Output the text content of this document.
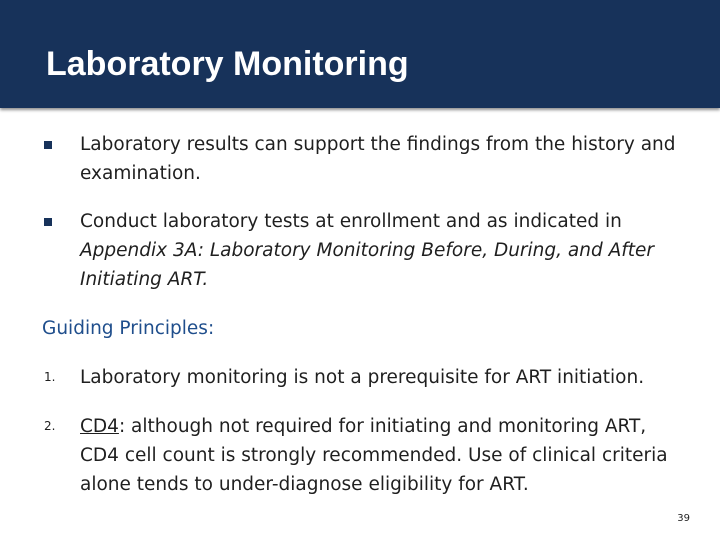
Laboratory Monitoring
Laboratory results can support the findings from the history and examination.
Conduct laboratory tests at enrollment and as indicated in Appendix 3A: Laboratory Monitoring Before, During, and After Initiating ART.
Guiding Principles:
1. Laboratory monitoring is not a prerequisite for ART initiation.
2. CD4: although not required for initiating and monitoring ART, CD4 cell count is strongly recommended. Use of clinical criteria alone tends to under-diagnose eligibility for ART.
39
